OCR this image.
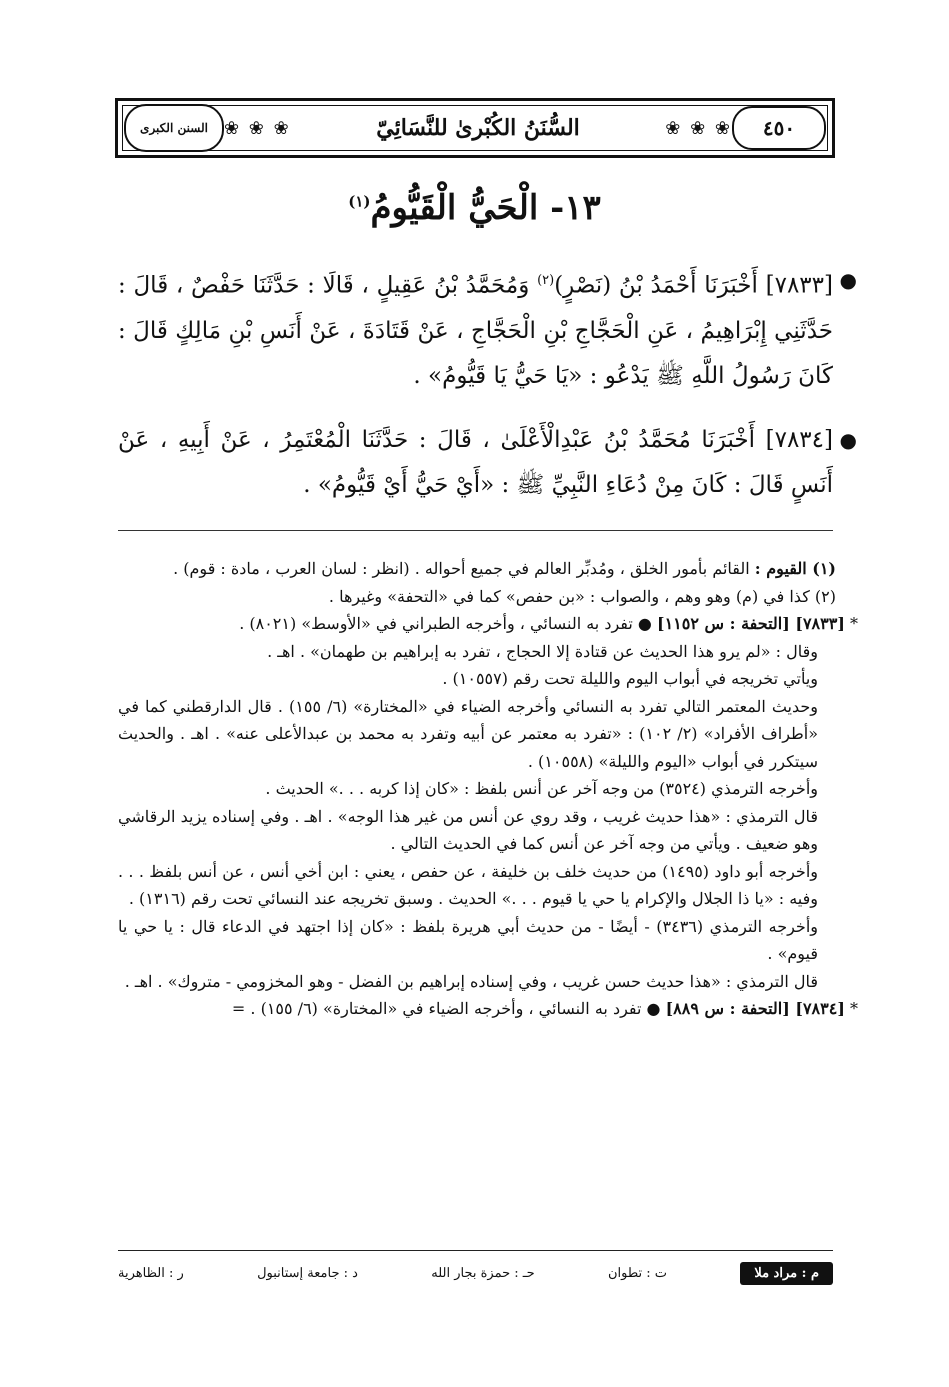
السنن الكبرى ❀ ❀ ❀	السُّنَنُ الكُبْرىٰ للنَّسَائِيّ	❀ ❀ ❀	٤٥٠
١٣- الْحَيُّ الْقَيُّومُ$^{(١)}$
●
[٧٨٣٣] أَخْبَرَنَا أَحْمَدُ بْنُ (نَصْرٍ)$^{(٢)}$ وَمُحَمَّدُ بْنُ عَقِيلٍ ، قَالَا : حَدَّثَنَا حَفْصٌ ، قَالَ : حَدَّثَنِي إِبْرَاهِيمُ ، عَنِ الْحَجَّاجِ بْنِ الْحَجَّاجِ ، عَنْ قَتَادَةَ ، عَنْ أَنَسِ بْنِ مَالِكٍ قَالَ : كَانَ رَسُولُ اللَّهِ ﷺ يَدْعُو : «يَا حَيُّ يَا قَيُّومُ» .
●
[٧٨٣٤] أَخْبَرَنَا مُحَمَّدُ بْنُ عَبْدِالْأَعْلَىٰ ، قَالَ : حَدَّثَنَا الْمُعْتَمِرُ ، عَنْ أَبِيهِ ، عَنْ أَنَسٍ قَالَ : كَانَ مِنْ دُعَاءِ النَّبِيِّ ﷺ : «أَيْ حَيُّ أَيْ قَيُّومُ» .

(١) القيوم : القائم بأمور الخلق ، ومُدبِّر العالم في جميع أحواله . (انظر : لسان العرب ، مادة : قوم) .

(٢) كذا في (م) وهو وهم ، والصواب : «بن حفص» كما في «التحفة» وغيرها .

* [٧٨٣٣] [التحفة : س ١١٥٢] ● تفرد به النسائي ، وأخرجه الطبراني في «الأوسط» (٨٠٢١) .

وقال : «لم يرو هذا الحديث عن قتادة إلا الحجاج ، تفرد به إبراهيم بن طهمان» . اهـ .

ويأتي تخريجه في أبواب اليوم والليلة تحت رقم (١٠٥٥٧) .

وحديث المعتمر التالي تفرد به النسائي وأخرجه الضياء في «المختارة» (٦/ ١٥٥) . قال الدارقطني كما في «أطراف الأفراد» (٢/ ١٠٢) : «تفرد به معتمر عن أبيه وتفرد به محمد بن عبدالأعلى عنه» . اهـ . والحديث سيتكرر في أبواب «اليوم والليلة» (١٠٥٥٨) .

وأخرجه الترمذي (٣٥٢٤) من وجه آخر عن أنس بلفظ : «كان إذا كربه . . .» الحديث .

قال الترمذي : «هذا حديث غريب ، وقد روي عن أنس من غير هذا الوجه» . اهـ . وفي إسناده يزيد الرقاشي وهو ضعيف . ويأتي من وجه آخر عن أنس كما في الحديث التالي .

وأخرجه أبو داود (١٤٩٥) من حديث خلف بن خليفة ، عن حفص ، يعني : ابن أخي أنس ، عن أنس بلفظ . . . وفيه : «يا ذا الجلال والإكرام يا حي يا قيوم . . .» الحديث . وسبق تخريجه عند النسائي تحت رقم (١٣١٦) .

وأخرجه الترمذي (٣٤٣٦) - أيضًا - من حديث أبي هريرة بلفظ : «كان إذا اجتهد في الدعاء قال : يا حي يا قيوم» .

قال الترمذي : «هذا حديث حسن غريب ، وفي إسناده إبراهيم بن الفضل - وهو المخزومي - متروك» . اهـ .

* [٧٨٣٤] [التحفة : س ٨٨٩] ● تفرد به النسائي ، وأخرجه الضياء في «المختارة» (٦/ ١٥٥) . =

م : مراد ملا
ت : تطوان
حـ : حمزة بجار الله
د : جامعة إستانبول
ر : الظاهرية
